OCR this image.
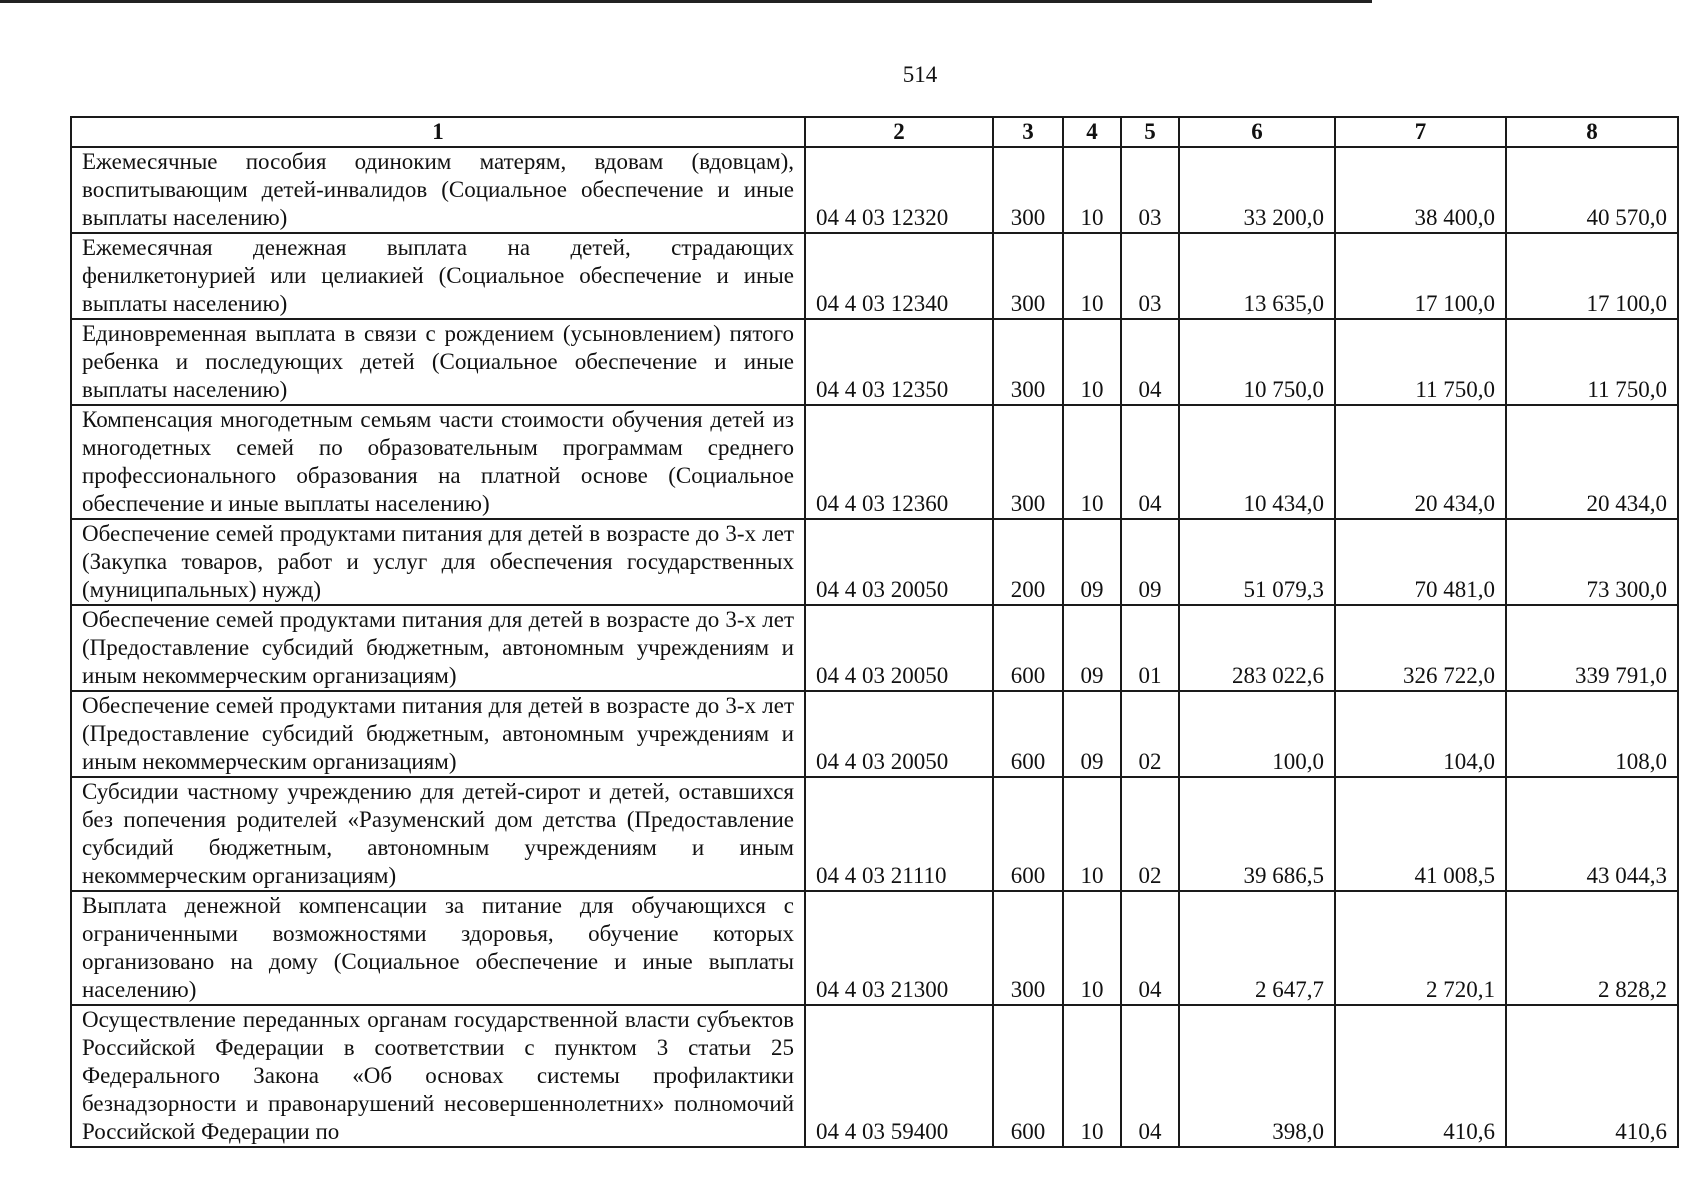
514
1	2	3	4	5	6	7	8
Ежемесячные пособия одиноким матерям, вдовам (вдовцам), воспитывающим детей-инвалидов (Социальное обеспечение и иные выплаты населению)	04 4 03 12320	300	10	03	33 200,0	38 400,0	40 570,0
Ежемесячная денежная выплата на детей, страдающих фенилкетонурией или целиакией (Социальное обеспечение и иные выплаты населению)	04 4 03 12340	300	10	03	13 635,0	17 100,0	17 100,0
Единовременная выплата в связи с рождением (усыновлением) пятого ребенка и последующих детей (Социальное обеспечение и иные выплаты населению)	04 4 03 12350	300	10	04	10 750,0	11 750,0	11 750,0
Компенсация многодетным семьям части стоимости обучения детей из многодетных семей по образовательным программам среднего профессионального образования на платной основе (Социальное обеспечение и иные выплаты населению)	04 4 03 12360	300	10	04	10 434,0	20 434,0	20 434,0
Обеспечение семей продуктами питания для детей в возрасте до 3-х лет (Закупка товаров, работ и услуг для обеспечения государственных (муниципальных) нужд)	04 4 03 20050	200	09	09	51 079,3	70 481,0	73 300,0
Обеспечение семей продуктами питания для детей в возрасте до 3-х лет (Предоставление субсидий бюджетным, автономным учреждениям и иным некоммерческим организациям)	04 4 03 20050	600	09	01	283 022,6	326 722,0	339 791,0
Обеспечение семей продуктами питания для детей в возрасте до 3-х лет (Предоставление субсидий бюджетным, автономным учреждениям и иным некоммерческим организациям)	04 4 03 20050	600	09	02	100,0	104,0	108,0
Субсидии частному учреждению для детей-сирот и детей, оставшихся без попечения родителей «Разуменский дом детства (Предоставление субсидий бюджетным, автономным учреждениям и иным некоммерческим организациям)	04 4 03 21110	600	10	02	39 686,5	41 008,5	43 044,3
Выплата денежной компенсации за питание для обучающихся с ограниченными возможностями здоровья, обучение которых организовано на дому (Социальное обеспечение и иные выплаты населению)	04 4 03 21300	300	10	04	2 647,7	2 720,1	2 828,2
Осуществление переданных органам государственной власти субъектов Российской Федерации в соответствии с пунктом 3 статьи 25 Федерального Закона «Об основах системы профилактики безнадзорности и правонарушений несовершеннолетних» полномочий Российской Федерации по	04 4 03 59400	600	10	04	398,0	410,6	410,6
